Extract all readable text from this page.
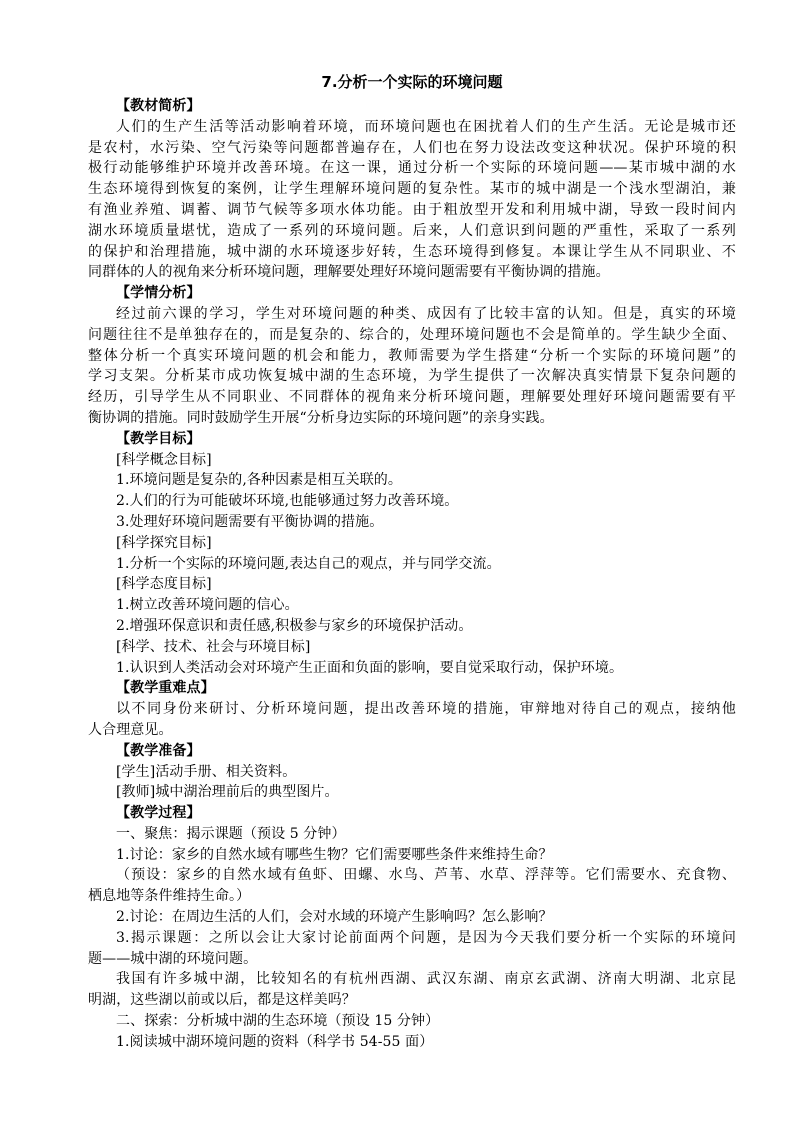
7.分析一个实际的环境问题
【教材简析】
人们的生产生活等活动影响着环境，而环境问题也在困扰着人们的生产生活。无论是城市还
是农村，水污染、空气污染等问题都普遍存在，人们也在努力设法改变这种状况。保护环境的积
极行动能够维护环境并改善环境。在这一课，通过分析一个实际的环境问题——某市城中湖的水
生态环境得到恢复的案例，让学生理解环境问题的复杂性。某市的城中湖是一个浅水型湖泊，兼
有渔业养殖、调蓄、调节气候等多项水体功能。由于粗放型开发和利用城中湖，导致一段时间内
湖水环境质量堪忧，造成了一系列的环境问题。后来，人们意识到问题的严重性，采取了一系列
的保护和治理措施，城中湖的水环境逐步好转，生态环境得到修复。本课让学生从不同职业、不
同群体的人的视角来分析环境问题，理解要处理好环境问题需要有平衡协调的措施。
【学情分析】
经过前六课的学习，学生对环境问题的种类、成因有了比较丰富的认知。但是，真实的环境
问题往往不是单独存在的，而是复杂的、综合的，处理环境问题也不会是简单的。学生缺少全面、
整体分析一个真实环境问题的机会和能力，教师需要为学生搭建“分析一个实际的环境问题”的
学习支架。分析某市成功恢复城中湖的生态环境，为学生提供了一次解决真实情景下复杂问题的
经历，引导学生从不同职业、不同群体的视角来分析环境问题，理解要处理好环境问题需要有平
衡协调的措施。同时鼓励学生开展“分析身边实际的环境问题”的亲身实践。
【教学目标】
[科学概念目标]
1.环境问题是复杂的,各种因素是相互关联的。
2.人们的行为可能破坏环境,也能够通过努力改善环境。
3.处理好环境问题需要有平衡协调的措施。
[科学探究目标]
1.分析一个实际的环境问题,表达自己的观点，并与同学交流。
[科学态度目标]
1.树立改善环境问题的信心。
2.增强环保意识和责任感,积极参与家乡的环境保护活动。
[科学、技术、社会与环境目标]
1.认识到人类活动会对环境产生正面和负面的影响，要自觉采取行动，保护环境。
【教学重难点】
以不同身份来研讨、分析环境问题，提出改善环境的措施，审辩地对待自己的观点，接纳他
人合理意见。
【教学准备】
[学生]活动手册、相关资料。
[教师]城中湖治理前后的典型图片。
【教学过程】
一、聚焦：揭示课题（预设 5 分钟）
1.讨论：家乡的自然水域有哪些生物？它们需要哪些条件来维持生命？
（预设：家乡的自然水域有鱼虾、田螺、水鸟、芦苇、水草、浮萍等。它们需要水、充食物、
栖息地等条件维持生命。）
2.讨论：在周边生活的人们，会对水域的环境产生影响吗？怎么影响？
3.揭示课题：之所以会让大家讨论前面两个问题，是因为今天我们要分析一个实际的环境问
题——城中湖的环境问题。
我国有许多城中湖，比较知名的有杭州西湖、武汉东湖、南京玄武湖、济南大明湖、北京昆
明湖，这些湖以前或以后，都是这样美吗？
二、探索：分析城中湖的生态环境（预设 15 分钟）
1.阅读城中湖环境问题的资料（科学书 54-55 面）
